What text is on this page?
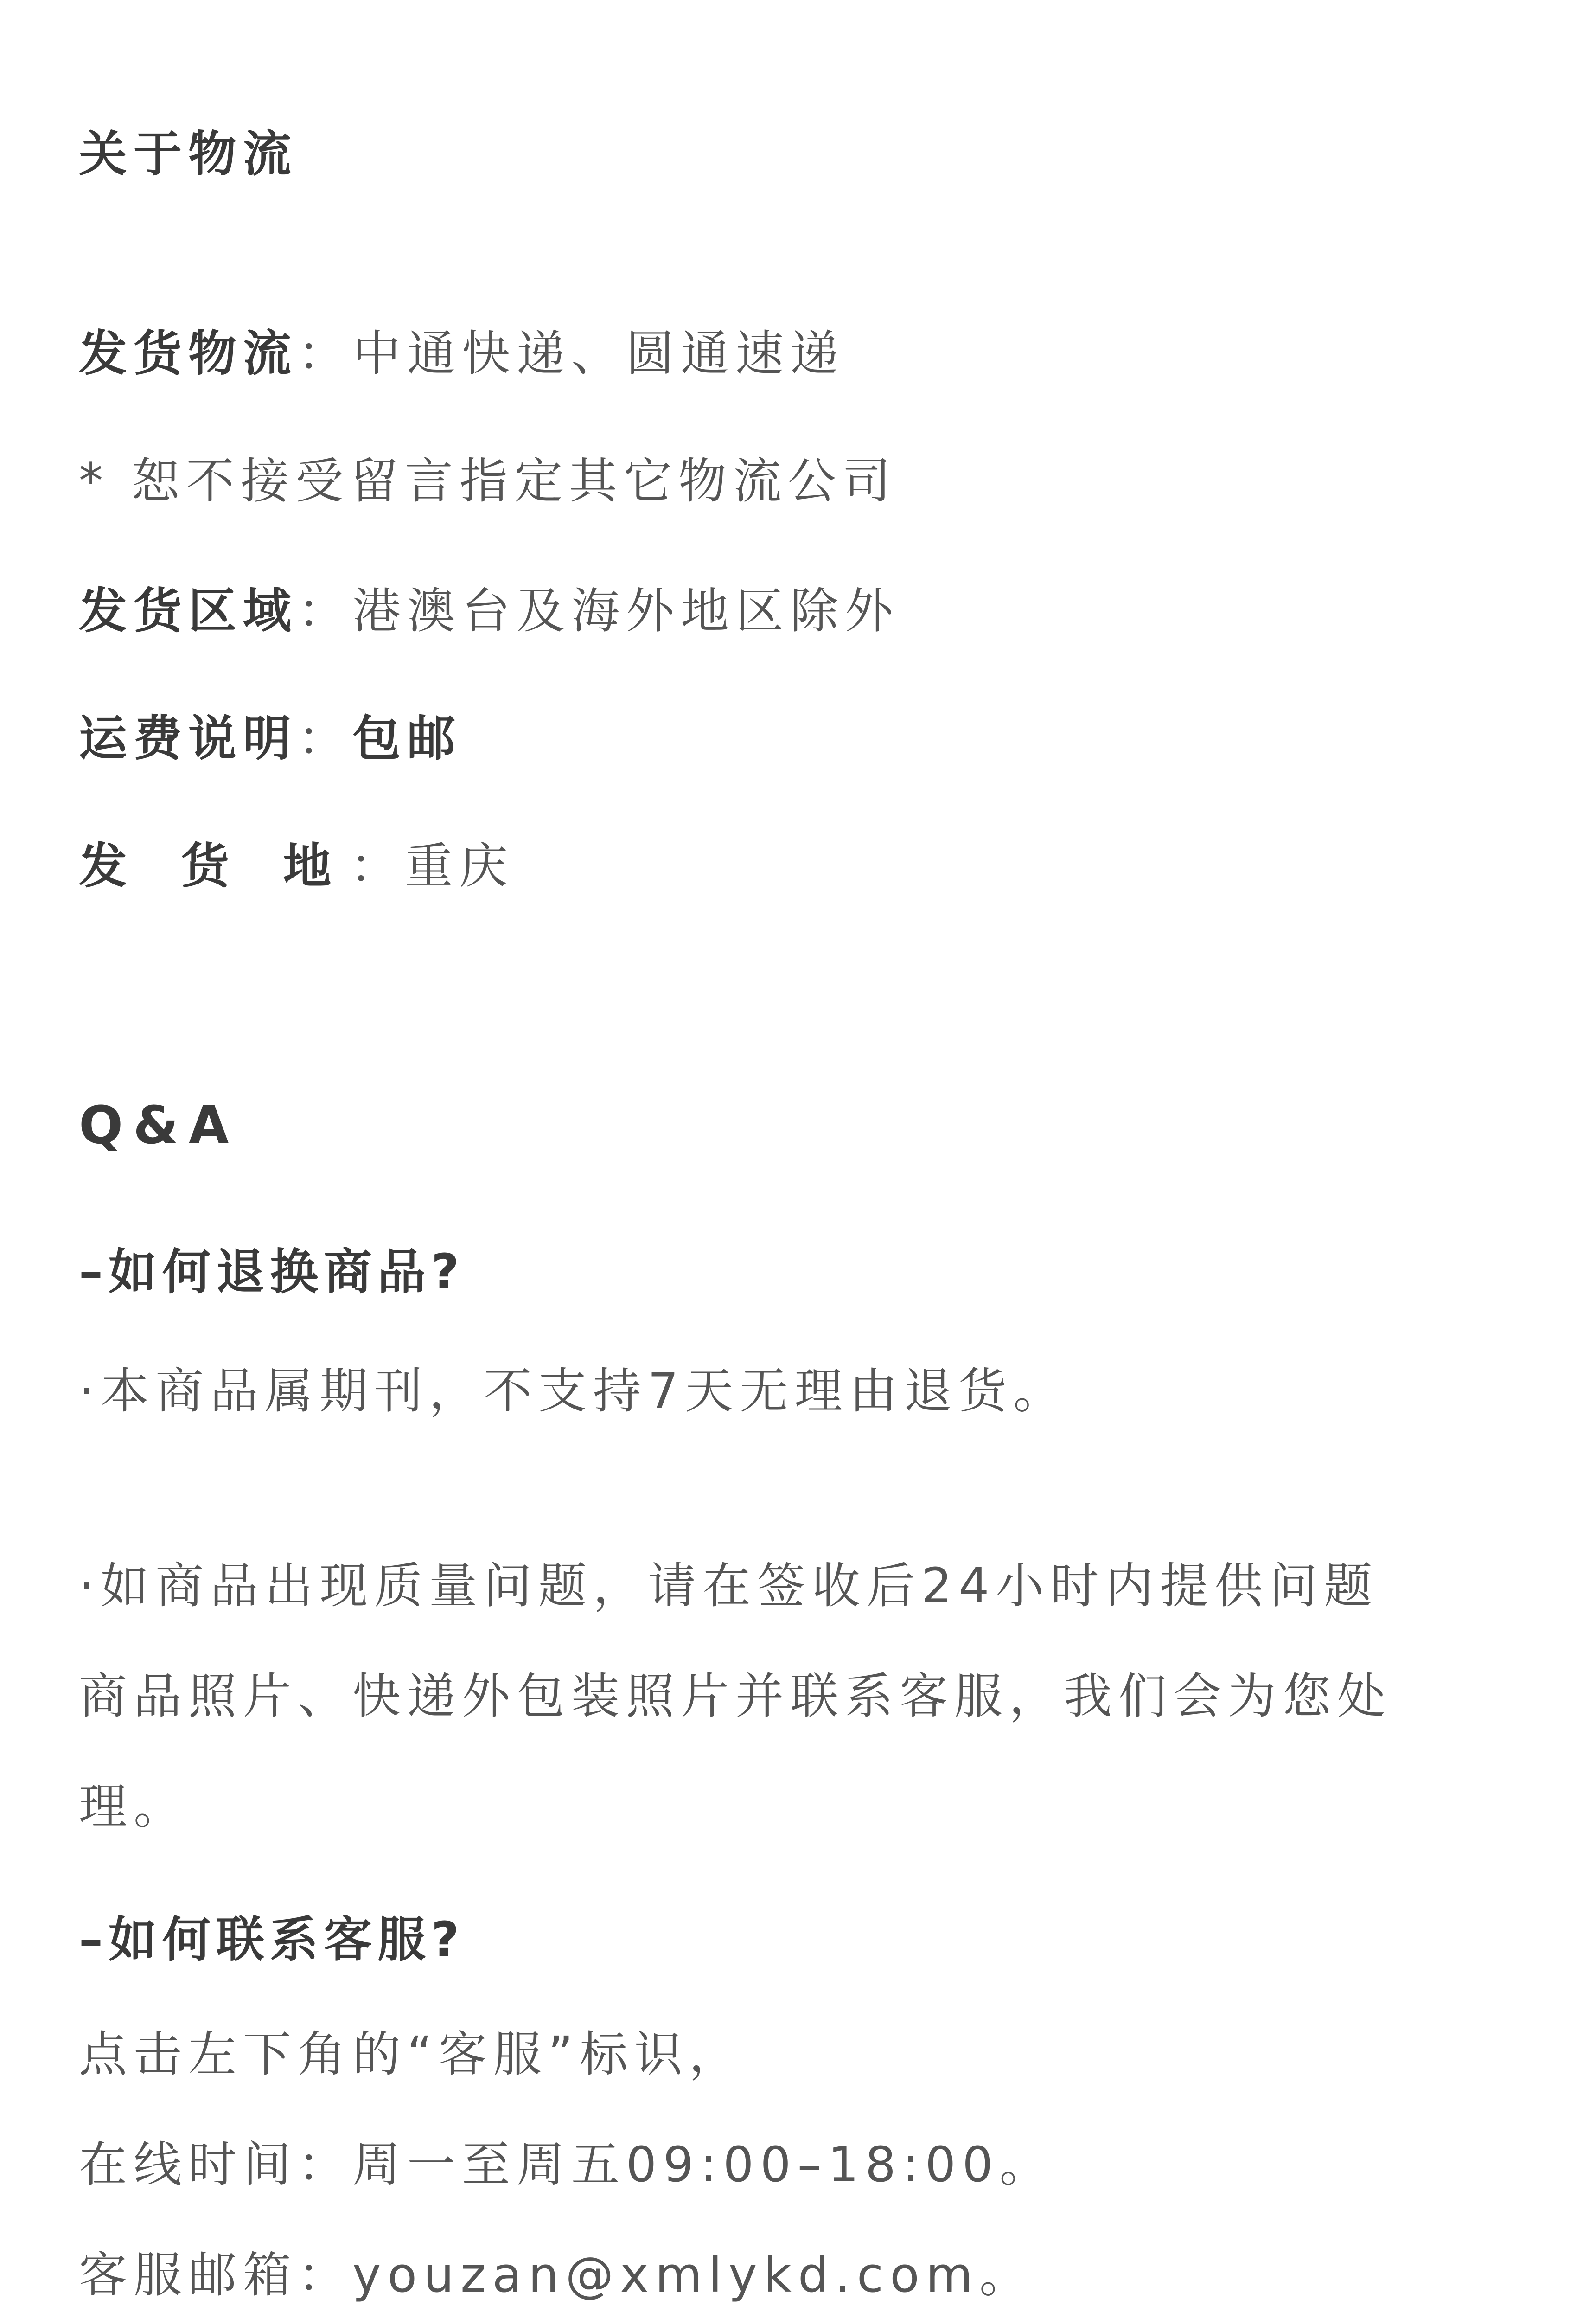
关于物流
发货物流：中通快递、圆通速递
* 恕不接受留言指定其它物流公司
发货区域：港澳台及海外地区除外
运费说明：包邮
发 货 地：重庆
Q&A
–如何退换商品?
·本商品属期刊，不支持7天无理由退货。
·如商品出现质量问题，请在签收后24小时内提供问题
商品照片、快递外包装照片并联系客服，我们会为您处
理。
–如何联系客服?
点击左下角的“客服”标识，
在线时间：周一至周五09:00–18:00。
客服邮箱：youzan@xmlykd.com。
